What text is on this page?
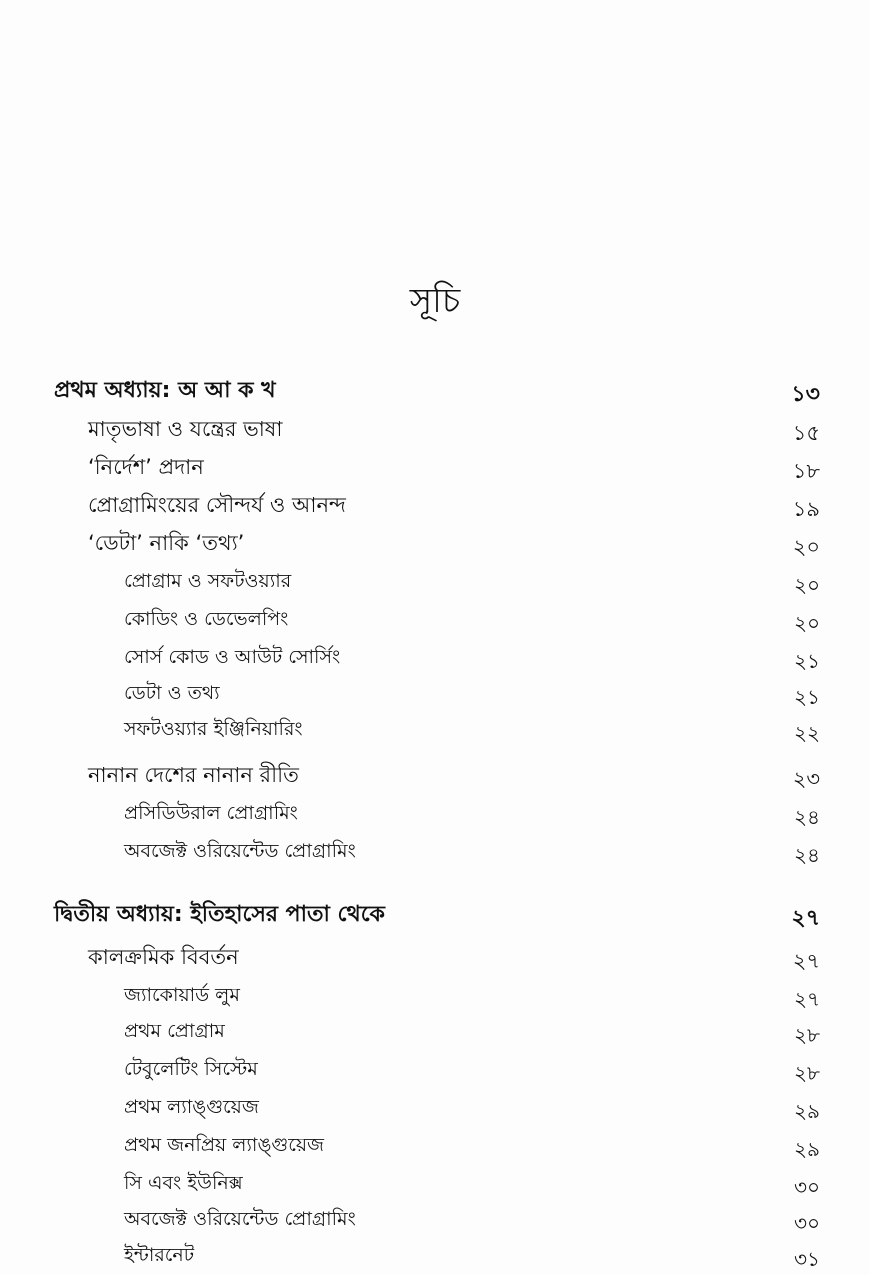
সূচি
প্রথম অধ্যায়: অ আ ক খ	১৩
মাতৃভাষা ও যন্ত্রের ভাষা	১৫
‘নির্দেশ’ প্রদান	১৮
প্রোগ্রামিংয়ের সৌন্দর্য ও আনন্দ	১৯
‘ডেটা’ নাকি ‘তথ্য’	২০
প্রোগ্রাম ও সফটওয়্যার	২০
কোডিং ও ডেভেলপিং	২০
সোর্স কোড ও আউট সোর্সিং	২১
ডেটা ও তথ্য	২১
সফটওয়্যার ইঞ্জিনিয়ারিং	২২
নানান দেশের নানান রীতি	২৩
প্রসিডিউরাল প্রোগ্রামিং	২৪
অবজেক্ট ওরিয়েন্টেড প্রোগ্রামিং	২৪
দ্বিতীয় অধ্যায়: ইতিহাসের পাতা থেকে	২৭
কালক্রমিক বিবর্তন	২৭
জ্যাকোয়ার্ড লুম	২৭
প্রথম প্রোগ্রাম	২৮
টেবুলেটিং সিস্টেম	২৮
প্রথম ল্যাঙ্গুয়েজ	২৯
প্রথম জনপ্রিয় ল্যাঙ্গুয়েজ	২৯
সি এবং ইউনিক্স	৩০
অবজেক্ট ওরিয়েন্টেড প্রোগ্রামিং	৩০
ইন্টারনেট	৩১
